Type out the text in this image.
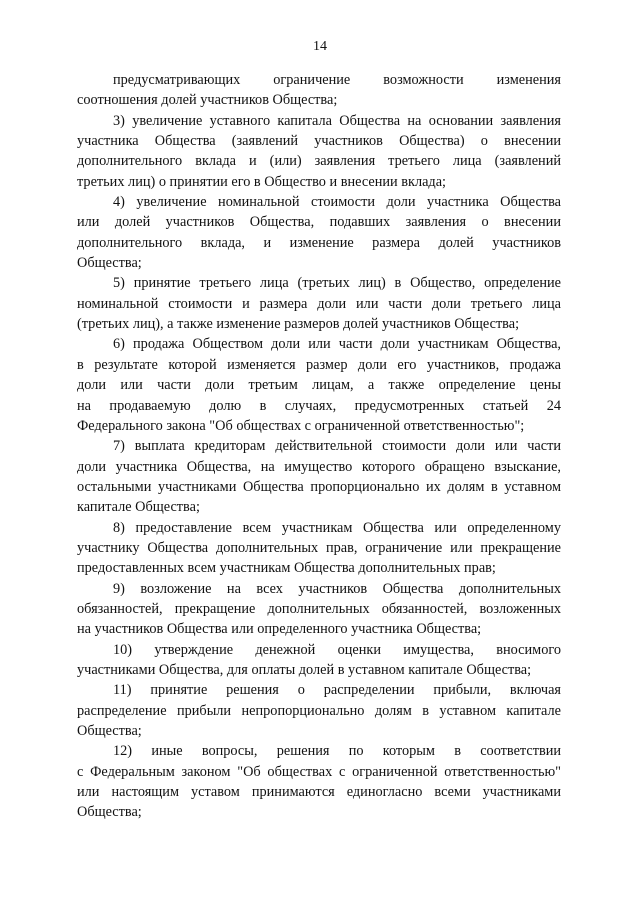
14
предусматривающих ограничение возможности изменения
соотношения долей участников Общества;
3) увеличение уставного капитала Общества на основании заявления
участника Общества (заявлений участников Общества) о внесении
дополнительного вклада и (или) заявления третьего лица (заявлений
третьих лиц) о принятии его в Общество и внесении вклада;
4) увеличение номинальной стоимости доли участника Общества
или долей участников Общества, подавших заявления о внесении
дополнительного вклада, и изменение размера долей участников
Общества;
5) принятие третьего лица (третьих лиц) в Общество, определение
номинальной стоимости и размера доли или части доли третьего лица
(третьих лиц), а также изменение размеров долей участников Общества;
6) продажа Обществом доли или части доли участникам Общества,
в результате которой изменяется размер доли его участников, продажа
доли или части доли третьим лицам, а также определение цены
на продаваемую долю в случаях, предусмотренных статьей 24
Федерального закона "Об обществах с ограниченной ответственностью";
7) выплата кредиторам действительной стоимости доли или части
доли участника Общества, на имущество которого обращено взыскание,
остальными участниками Общества пропорционально их долям в уставном
капитале Общества;
8) предоставление всем участникам Общества или определенному
участнику Общества дополнительных прав, ограничение или прекращение
предоставленных всем участникам Общества дополнительных прав;
9) возложение на всех участников Общества дополнительных
обязанностей, прекращение дополнительных обязанностей, возложенных
на участников Общества или определенного участника Общества;
10) утверждение денежной оценки имущества, вносимого
участниками Общества, для оплаты долей в уставном капитале Общества;
11) принятие решения о распределении прибыли, включая
распределение прибыли непропорционально долям в уставном капитале
Общества;
12) иные вопросы, решения по которым в соответствии
с Федеральным законом "Об обществах с ограниченной ответственностью"
или настоящим уставом принимаются единогласно всеми участниками
Общества;
